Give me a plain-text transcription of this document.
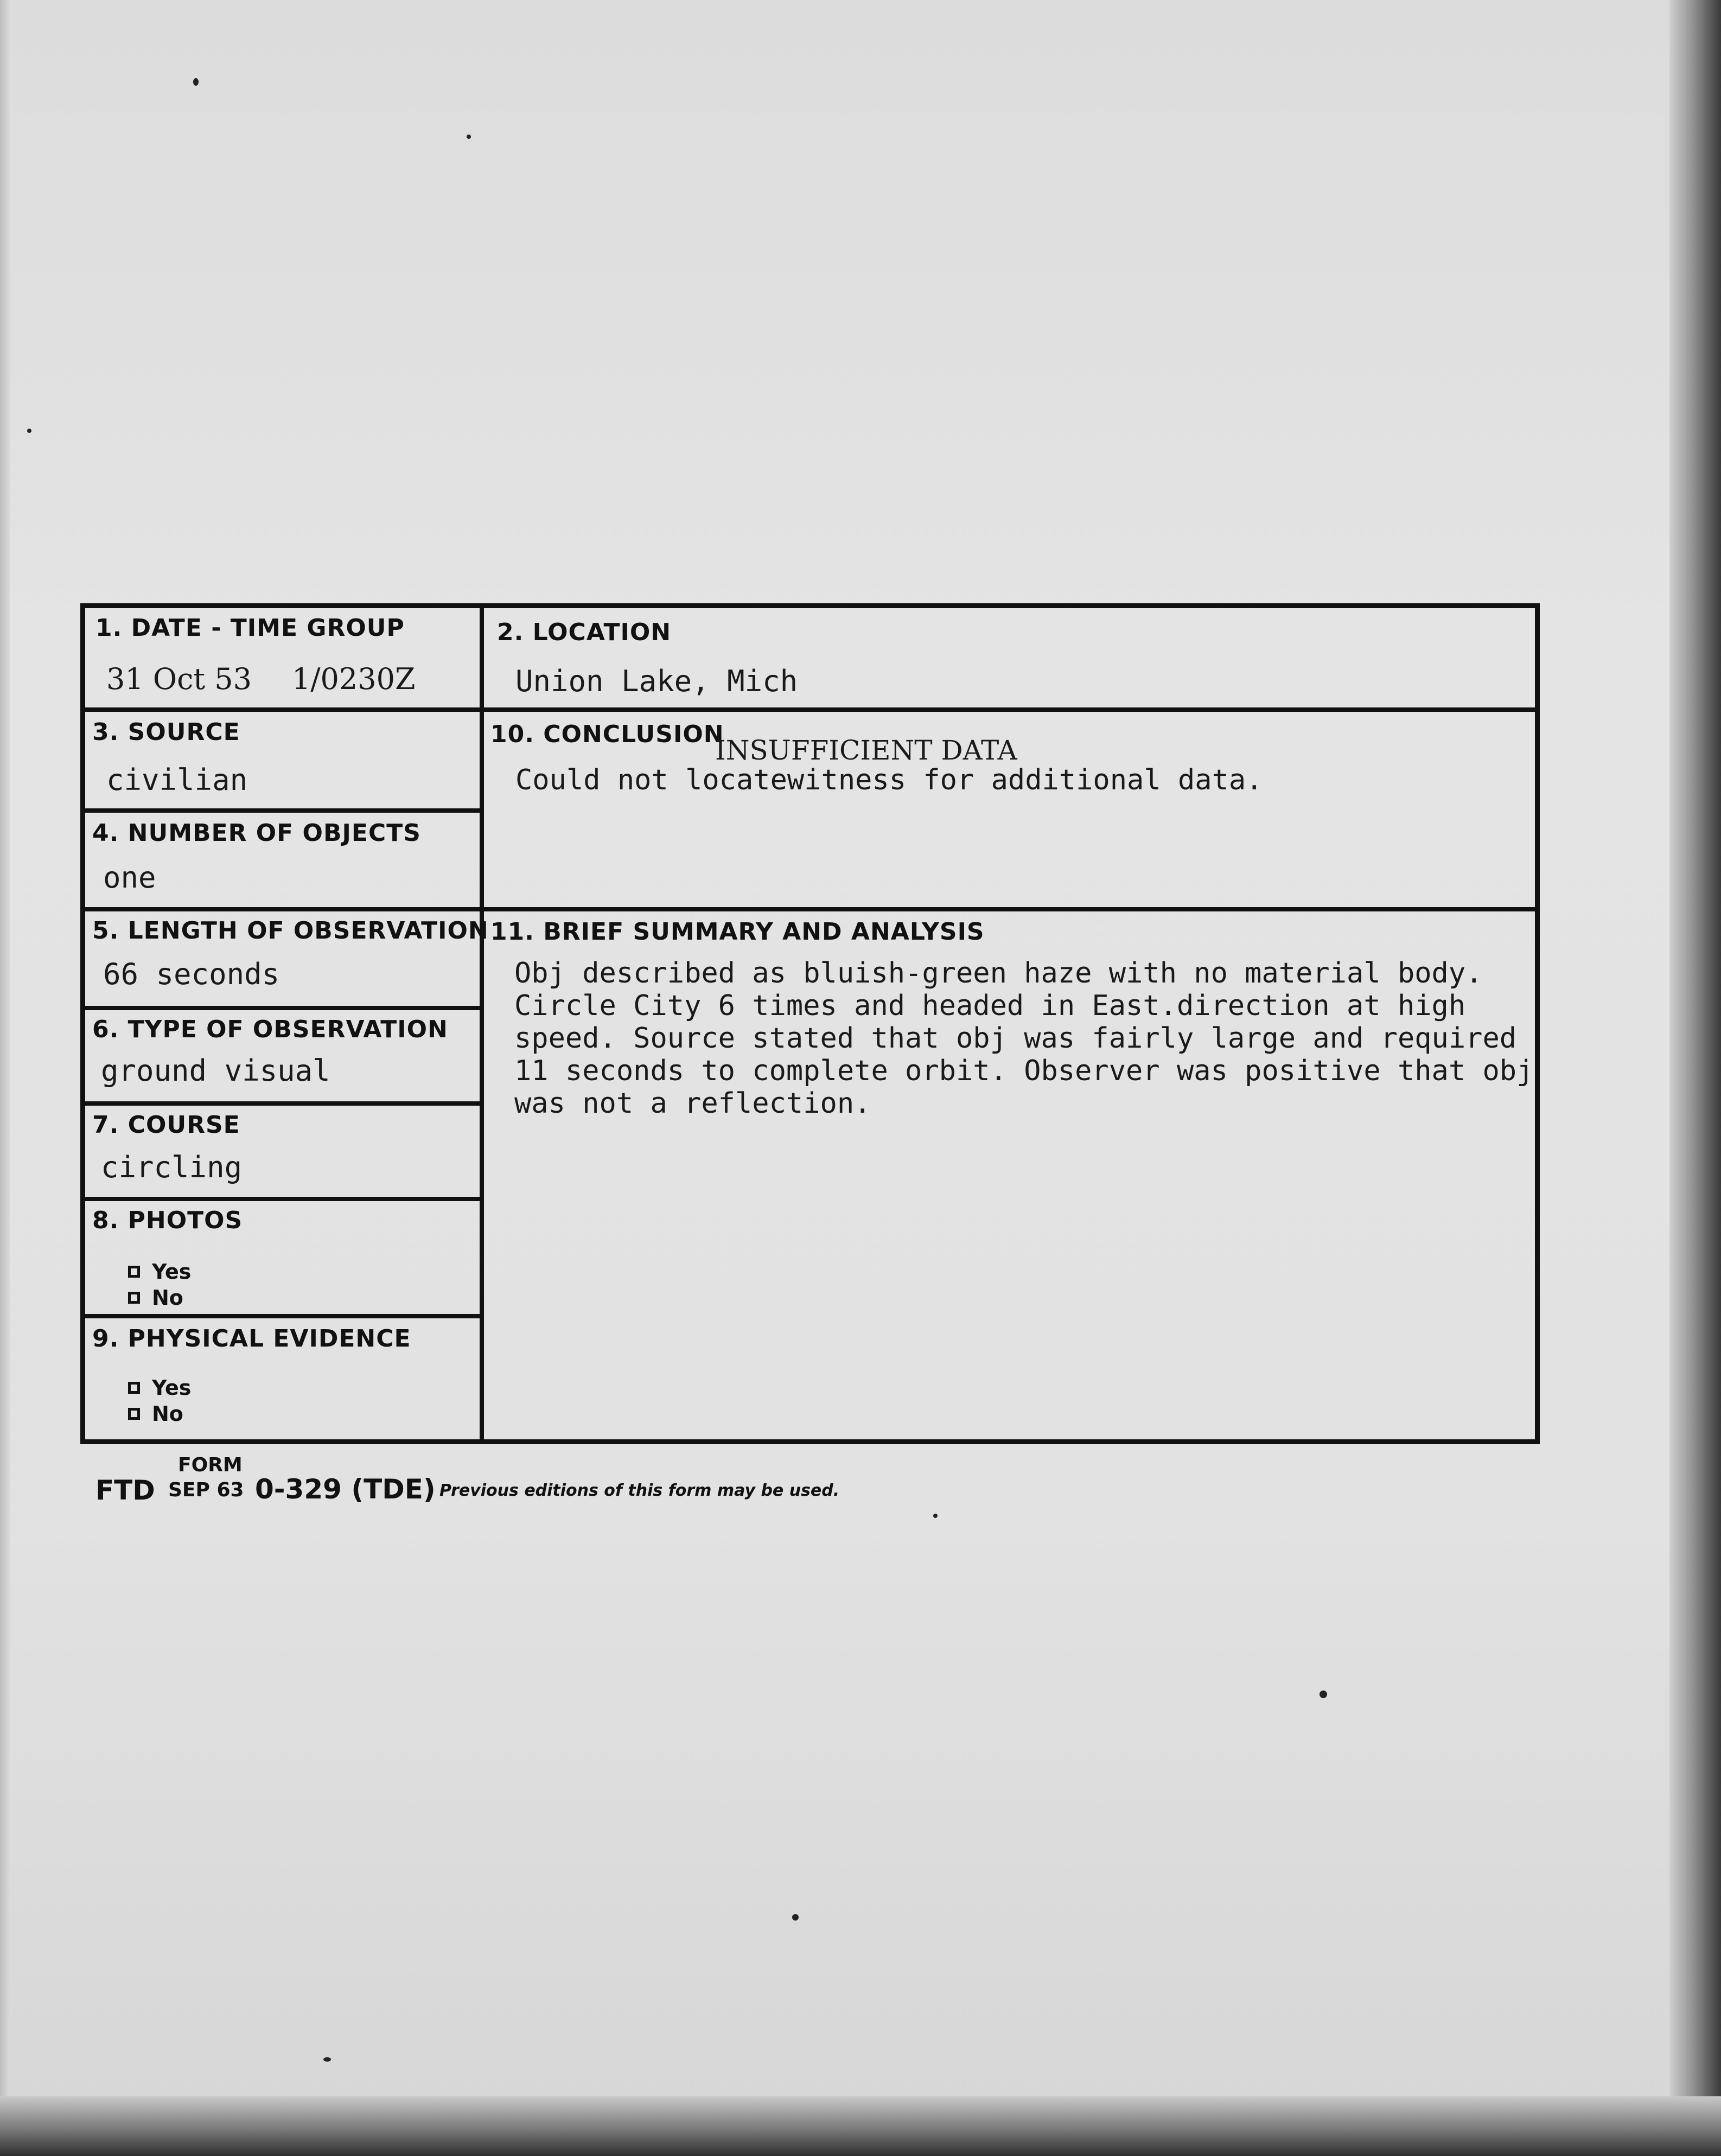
1. DATE - TIME GROUP
31 Oct 53 1/0230Z
2. LOCATION
Union Lake, Mich
3. SOURCE
civilian
4. NUMBER OF OBJECTS
one
5. LENGTH OF OBSERVATION
66 seconds
6. TYPE OF OBSERVATION
ground visual
7. COURSE
circling
8. PHOTOS
Yes
No
9. PHYSICAL EVIDENCE
Yes
No
10. CONCLUSION
INSUFFICIENT DATA
Could not locatewitness for additional data.
11. BRIEF SUMMARY AND ANALYSIS
Obj described as bluish-green haze with no material body.
Circle City 6 times and headed in East.direction at high
speed. Source stated that obj was fairly large and required
11 seconds to complete orbit. Observer was positive that obj
was not a reflection.
FORM
FTD SEP 63 0-329 (TDE) Previous editions of this form may be used.
